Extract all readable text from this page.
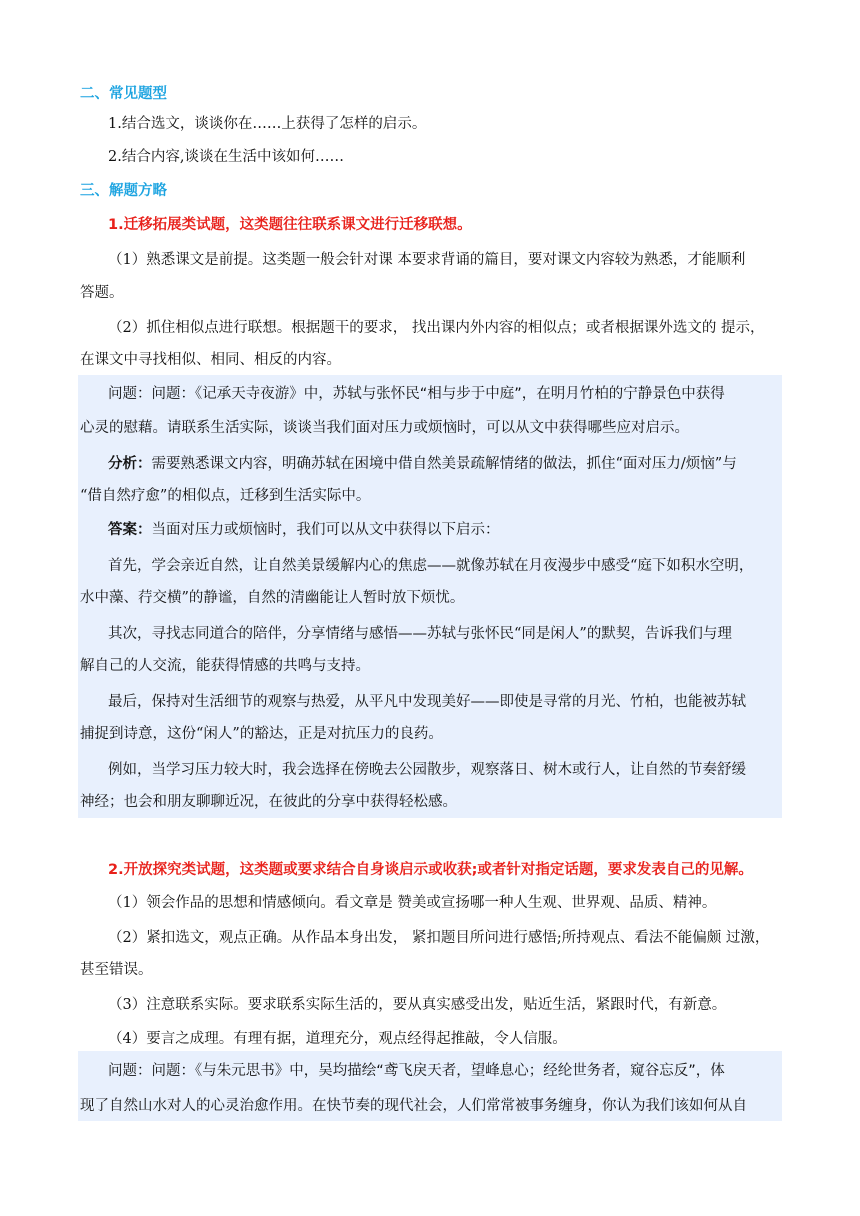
二、常见题型
1.结合选文，谈谈你在……上获得了怎样的启示。
2.结合内容,谈谈在生活中该如何……
三、解题方略
1.迁移拓展类试题，这类题往往联系课文进行迁移联想。
（1）熟悉课文是前提。这类题一般会针对课 本要求背诵的篇目，要对课文内容较为熟悉，才能顺利
答题。
（2）抓住相似点进行联想。根据题干的要求， 找出课内外内容的相似点；或者根据课外选文的 提示，
在课文中寻找相似、相同、相反的内容。
问题：问题：《记承天寺夜游》中，苏轼与张怀民“相与步于中庭”，在明月竹柏的宁静景色中获得
心灵的慰藉。请联系生活实际，谈谈当我们面对压力或烦恼时，可以从文中获得哪些应对启示。
分析：需要熟悉课文内容，明确苏轼在困境中借自然美景疏解情绪的做法，抓住“面对压力/烦恼”与
“借自然疗愈”的相似点，迁移到生活实际中。
答案：当面对压力或烦恼时，我们可以从文中获得以下启示：
首先，学会亲近自然，让自然美景缓解内心的焦虑——就像苏轼在月夜漫步中感受“庭下如积水空明，
水中藻、荇交横”的静谧，自然的清幽能让人暂时放下烦忧。
其次，寻找志同道合的陪伴，分享情绪与感悟——苏轼与张怀民“同是闲人”的默契，告诉我们与理
解自己的人交流，能获得情感的共鸣与支持。
最后，保持对生活细节的观察与热爱，从平凡中发现美好——即使是寻常的月光、竹柏，也能被苏轼
捕捉到诗意，这份“闲人”的豁达，正是对抗压力的良药。
例如，当学习压力较大时，我会选择在傍晚去公园散步，观察落日、树木或行人，让自然的节奏舒缓
神经；也会和朋友聊聊近况，在彼此的分享中获得轻松感。
2.开放探究类试题，这类题或要求结合自身谈启示或收获;或者针对指定话题，要求发表自己的见解。
（1）领会作品的思想和情感倾向。看文章是 赞美或宣扬哪一种人生观、世界观、品质、精神。
（2）紧扣选文，观点正确。从作品本身出发， 紧扣题目所问进行感悟;所持观点、看法不能偏颇 过激，
甚至错误。
（3）注意联系实际。要求联系实际生活的，要从真实感受出发，贴近生活，紧跟时代，有新意。
（4）要言之成理。有理有据，道理充分，观点经得起推敲，令人信服。
问题：问题：《与朱元思书》中，吴均描绘“鸢飞戾天者，望峰息心；经纶世务者，窥谷忘反”，体
现了自然山水对人的心灵治愈作用。在快节奏的现代社会，人们常常被事务缠身，你认为我们该如何从自
